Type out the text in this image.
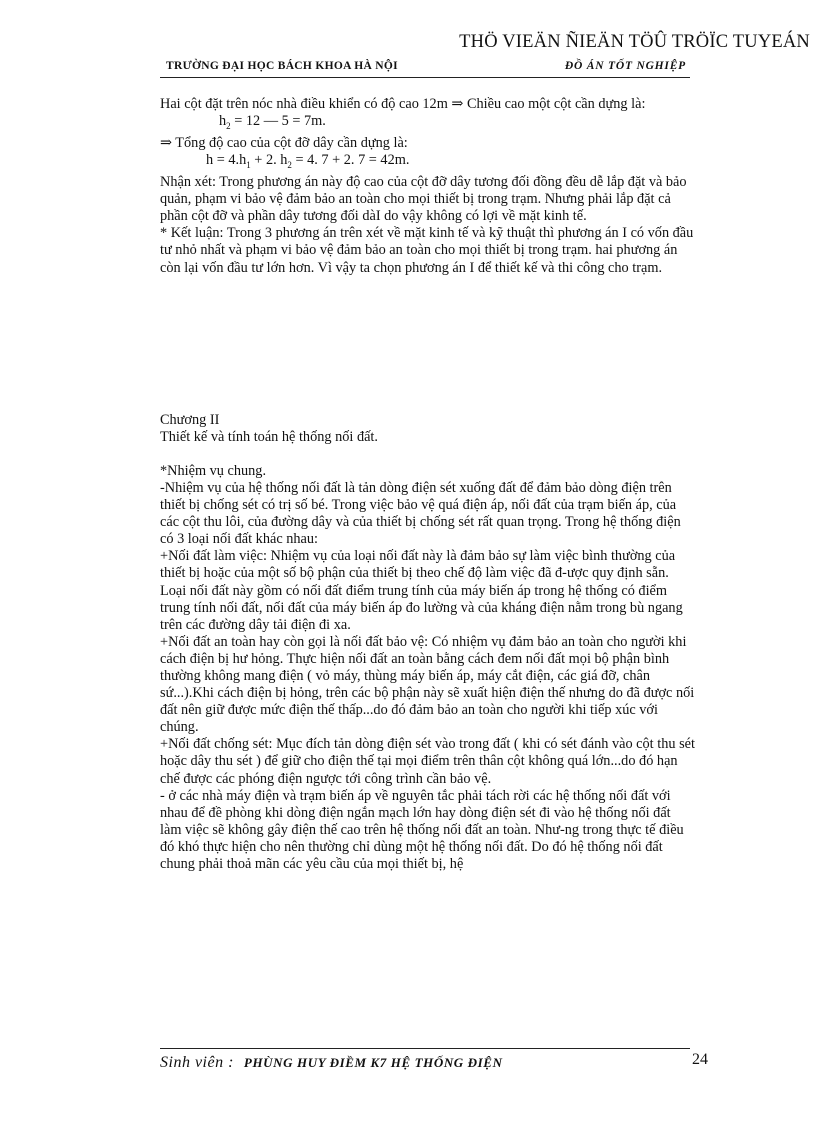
THÖ VIEÄN ÑIEÄN TÖÛ TRÖÏC TUYEÁN
TRƯỜNG ĐẠI HỌC BÁCH KHOA HÀ NỘI	ĐỒ ÁN TỐT NGHIỆP

Hai cột đặt trên nóc nhà điều khiển có độ cao 12m ⇒ Chiều cao một cột cần dựng là:

$h_2 = 12$ — 5 = 7m.

⇒ Tổng độ cao của cột đỡ dây cần dựng là:

$h = 4.h_1 + 2$. $h_2 = 4$. 7 + 2. 7 = 42m.

Nhận xét: Trong phương án này độ cao của cột đỡ dây tương đối đồng đều dễ lắp đặt và bảo quản, phạm vi bảo vệ đảm bảo an toàn cho mọi thiết bị trong trạm. Nhưng phải lắp đặt cả phần cột đỡ và phần dây tương đối dàI do vậy không có lợi về mặt kinh tế.

* Kết luận: Trong 3 phương án trên xét về mặt kinh tế và kỹ thuật thì phương án I có vốn đầu tư nhỏ nhất và phạm vi bảo vệ đảm bảo an toàn cho mọi thiết bị trong trạm. hai phương án còn lại vốn đầu tư lớn hơn. Vì vậy ta chọn phương án I để thiết kế và thi công cho trạm.

Chương II

Thiết kế và tính toán hệ thống nối đất.

*Nhiệm vụ chung.

-Nhiệm vụ của hệ thống nối đất là tản dòng điện sét xuống đất để đảm bảo dòng điện trên thiết bị chống sét có trị số bé. Trong việc bảo vệ quá điện áp, nối đất của trạm biến áp, của các cột thu lôi, của đường dây và của thiết bị chống sét rất quan trọng. Trong hệ thống điện có 3 loại nối đất khác nhau:

+Nối đất làm việc: Nhiệm vụ của loại nối đất này là đảm bảo sự làm việc bình thường của thiết bị hoặc của một số bộ phận của thiết bị theo chế độ làm việc đã đ-ược quy định sẵn. Loại nối đất này gồm có nối đất điểm trung tính của máy biến áp trong hệ thống có điểm trung tính nối đất, nối đất của máy biến áp đo lường và của kháng điện nằm trong bù ngang trên các đường dây tải điện đi xa.

+Nối đất an toàn hay còn gọi là nối đất bảo vệ: Có nhiệm vụ đảm bảo an toàn cho người khi cách điện bị hư hỏng. Thực hiện nối đất an toàn bằng cách đem nối đất mọi bộ phận bình thường không mang điện ( vỏ máy, thùng máy biến áp, máy cắt điện, các giá đỡ, chân sứ...).Khi cách điện bị hỏng, trên các bộ phận này sẽ xuất hiện điện thế nhưng do đã được nối đất nên giữ được mức điện thế thấp...do đó đảm bảo an toàn cho người khi tiếp xúc với chúng.

+Nối đất chống sét: Mục đích tản dòng điện sét vào trong đất ( khi có sét đánh vào cột thu sét hoặc dây thu sét ) để giữ cho điện thế tại mọi điểm trên thân cột không quá lớn...do đó hạn chế được các phóng điện ngược tới công trình cần bảo vệ.

- ở các nhà máy điện và trạm biến áp về nguyên tắc phải tách rời các hệ thống nối đất với nhau để đề phòng khi dòng điện ngắn mạch lớn hay dòng điện sét đi vào hệ thống nối đất làm việc sẽ không gây điện thế cao trên hệ thống nối đất an toàn. Như-ng trong thực tế điều đó khó thực hiện cho nên thường chỉ dùng một hệ thống nối đất. Do đó hệ thống nối đất chung phải thoả mãn các yêu cầu của mọi thiết bị, hệ

Sinh viên : PHÙNG HUY ĐIỀM K7 HỆ THỐNG ĐIỆN	24
